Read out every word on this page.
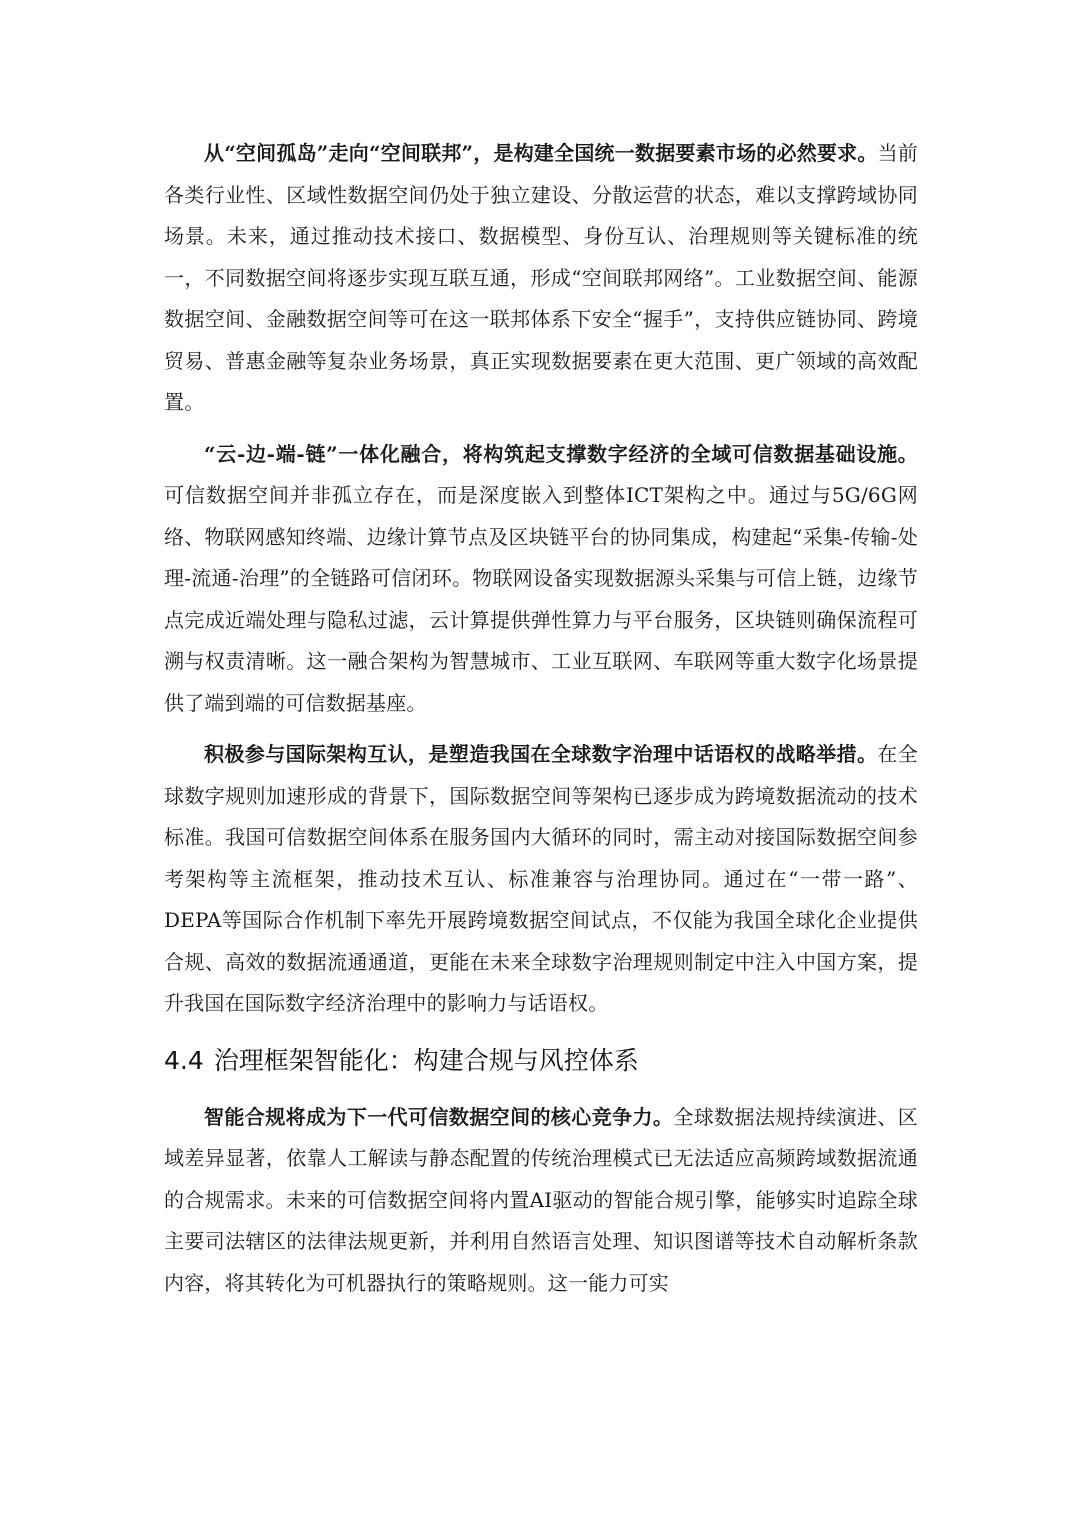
从“空间孤岛”走向“空间联邦”，是构建全国统一数据要素市场的必然要求。当前各类行业性、区域性数据空间仍处于独立建设、分散运营的状态，难以支撑跨域协同场景。未来，通过推动技术接口、数据模型、身份互认、治理规则等关键标准的统一，不同数据空间将逐步实现互联互通，形成“空间联邦网络”。工业数据空间、能源数据空间、金融数据空间等可在这一联邦体系下安全“握手”，支持供应链协同、跨境贸易、普惠金融等复杂业务场景，真正实现数据要素在更大范围、更广领域的高效配置。

“云-边-端-链”一体化融合，将构筑起支撑数字经济的全域可信数据基础设施。可信数据空间并非孤立存在，而是深度嵌入到整体ICT架构之中。通过与5G/6G网络、物联网感知终端、边缘计算节点及区块链平台的协同集成，构建起“采集-传输-处理-流通-治理”的全链路可信闭环。物联网设备实现数据源头采集与可信上链，边缘节点完成近端处理与隐私过滤，云计算提供弹性算力与平台服务，区块链则确保流程可溯与权责清晰。这一融合架构为智慧城市、工业互联网、车联网等重大数字化场景提供了端到端的可信数据基座。

积极参与国际架构互认，是塑造我国在全球数字治理中话语权的战略举措。在全球数字规则加速形成的背景下，国际数据空间等架构已逐步成为跨境数据流动的技术标准。我国可信数据空间体系在服务国内大循环的同时，需主动对接国际数据空间参考架构等主流框架，推动技术互认、标准兼容与治理协同。通过在“一带一路”、DEPA等国际合作机制下率先开展跨境数据空间试点，不仅能为我国全球化企业提供合规、高效的数据流通通道，更能在未来全球数字治理规则制定中注入中国方案，提升我国在国际数字经济治理中的影响力与话语权。

4.4 治理框架智能化：构建合规与风控体系

智能合规将成为下一代可信数据空间的核心竞争力。全球数据法规持续演进、区域差异显著，依靠人工解读与静态配置的传统治理模式已无法适应高频跨域数据流通的合规需求。未来的可信数据空间将内置AI驱动的智能合规引擎，能够实时追踪全球主要司法辖区的法律法规更新，并利用自然语言处理、知识图谱等技术自动解析条款内容，将其转化为可机器执行的策略规则。这一能力可实
